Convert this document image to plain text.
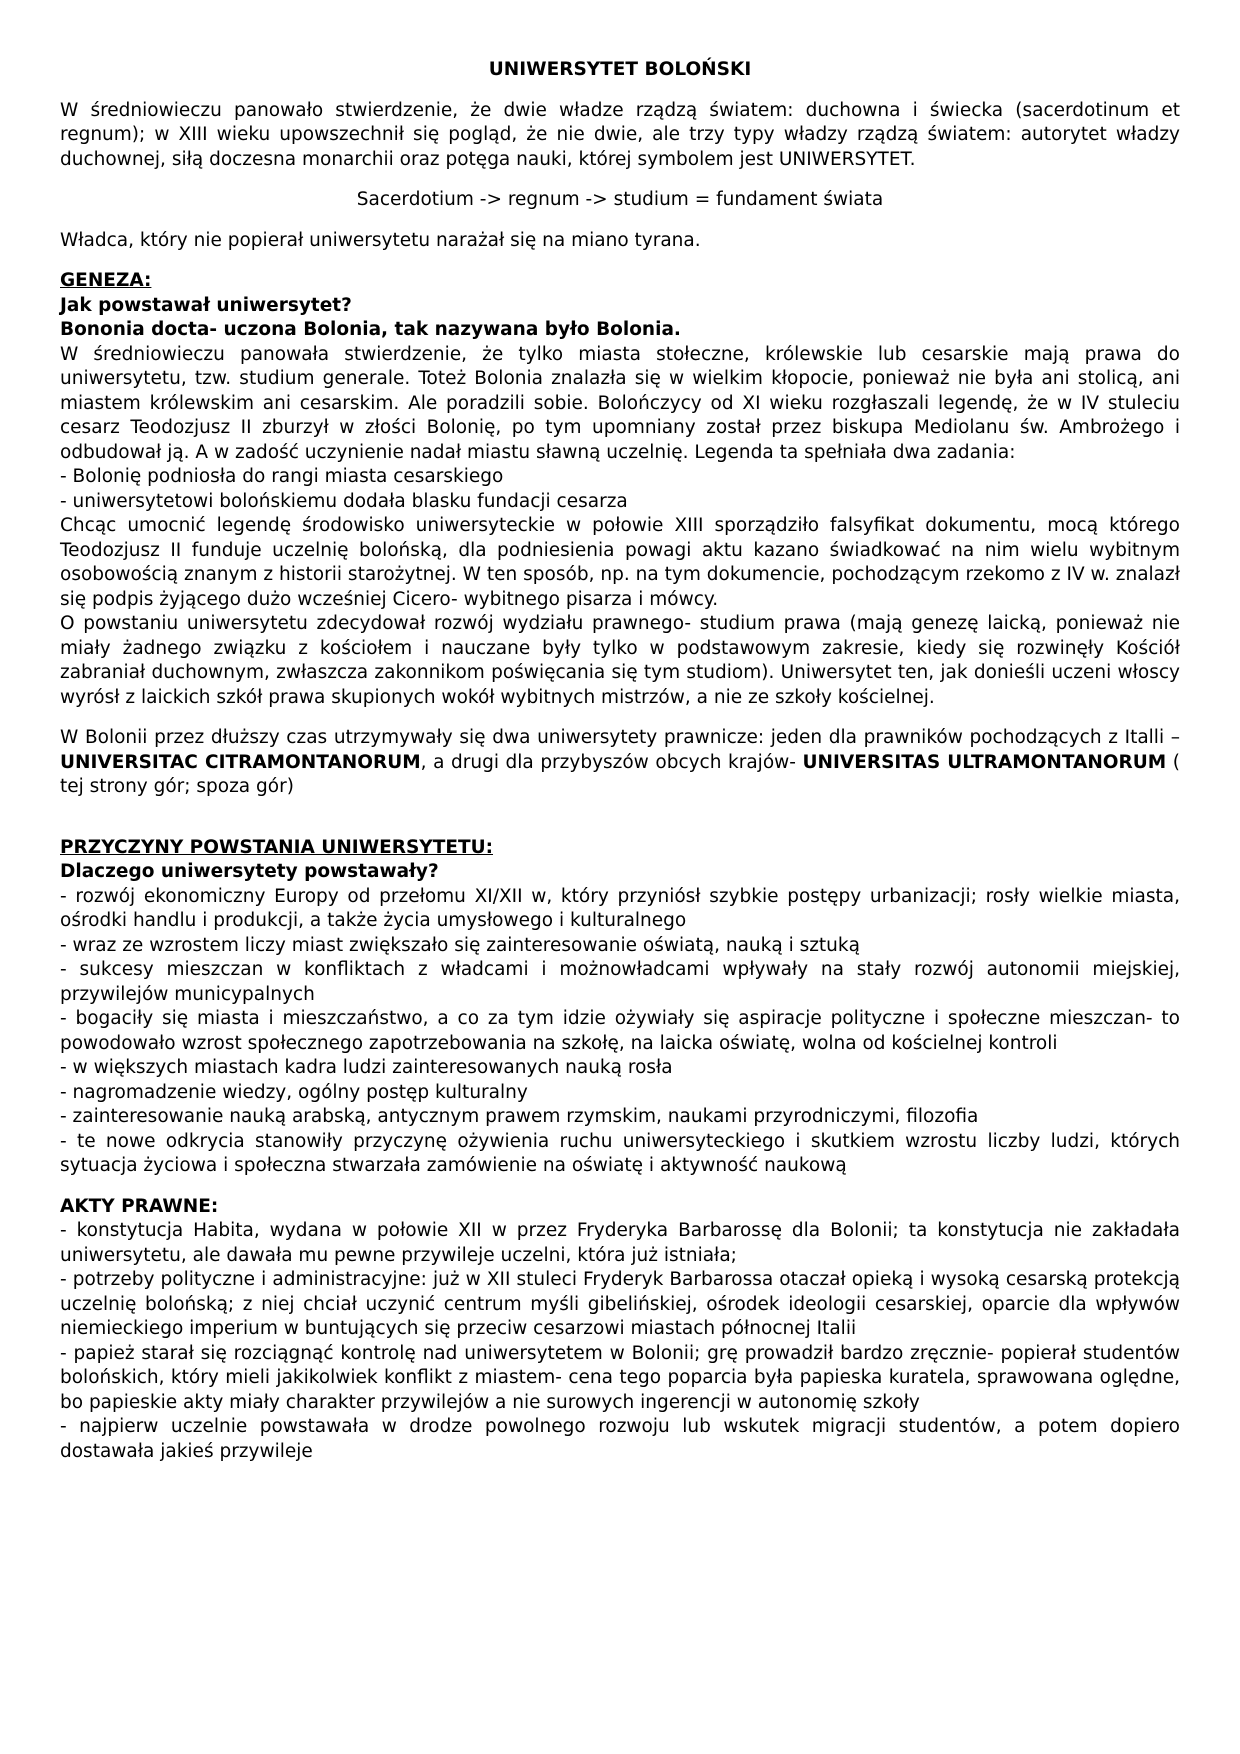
UNIWERSYTET BOLOŃSKI

W średniowieczu panowało stwierdzenie, że dwie władze rządzą światem: duchowna i świecka (sacerdotinum et regnum); w XIII wieku upowszechnił się pogląd, że nie dwie, ale trzy typy władzy rządzą światem: autorytet władzy duchownej, siłą doczesna monarchii oraz potęga nauki, której symbolem jest UNIWERSYTET.

Sacerdotium -> regnum -> studium = fundament świata

Władca, który nie popierał uniwersytetu narażał się na miano tyrana.

GENEZA:

Jak powstawał uniwersytet?

Bononia docta- uczona Bolonia, tak nazywana było Bolonia.

W średniowieczu panowała stwierdzenie, że tylko miasta stołeczne, królewskie lub cesarskie mają prawa do uniwersytetu, tzw. studium generale. Toteż Bolonia znalazła się w wielkim kłopocie, ponieważ nie była ani stolicą, ani miastem królewskim ani cesarskim. Ale poradzili sobie. Bolończycy od XI wieku rozgłaszali legendę, że w IV stuleciu cesarz Teodozjusz II zburzył w złości Bolonię, po tym upomniany został przez biskupa Mediolanu św. Ambrożego i odbudował ją. A w zadość uczynienie nadał miastu sławną uczelnię. Legenda ta spełniała dwa zadania:

- Bolonię podniosła do rangi miasta cesarskiego

- uniwersytetowi bolońskiemu dodała blasku fundacji cesarza

Chcąc umocnić legendę środowisko uniwersyteckie w połowie XIII sporządziło falsyfikat dokumentu, mocą którego Teodozjusz II funduje uczelnię bolońską, dla podniesienia powagi aktu kazano świadkować na nim wielu wybitnym osobowością znanym z historii starożytnej. W ten sposób, np. na tym dokumencie, pochodzącym rzekomo z IV w. znalazł się podpis żyjącego dużo wcześniej Cicero- wybitnego pisarza i mówcy.

O powstaniu uniwersytetu zdecydował rozwój wydziału prawnego- studium prawa (mają genezę laicką, ponieważ nie miały żadnego związku z kościołem i nauczane były tylko w podstawowym zakresie, kiedy się rozwinęły Kościół zabraniał duchownym, zwłaszcza zakonnikom poświęcania się tym studiom). Uniwersytet ten, jak donieśli uczeni włoscy wyrósł z laickich szkół prawa skupionych wokół wybitnych mistrzów, a nie ze szkoły kościelnej.

W Bolonii przez dłuższy czas utrzymywały się dwa uniwersytety prawnicze: jeden dla prawników pochodzących z Italli – UNIVERSITAC CITRAMONTANORUM, a drugi dla przybyszów obcych krajów- UNIVERSITAS ULTRAMONTANORUM ( tej strony gór; spoza gór)

PRZYCZYNY POWSTANIA UNIWERSYTETU:

Dlaczego uniwersytety powstawały?

- rozwój ekonomiczny Europy od przełomu XI/XII w, który przyniósł szybkie postępy urbanizacji; rosły wielkie miasta, ośrodki handlu i produkcji, a także życia umysłowego i kulturalnego

- wraz ze wzrostem liczy miast zwiększało się zainteresowanie oświatą, nauką i sztuką

- sukcesy mieszczan w konfliktach z władcami i możnowładcami wpływały na stały rozwój autonomii miejskiej, przywilejów municypalnych

- bogaciły się miasta i mieszczaństwo, a co za tym idzie ożywiały się aspiracje polityczne i społeczne mieszczan- to powodowało wzrost społecznego zapotrzebowania na szkołę, na laicka oświatę, wolna od kościelnej kontroli

- w większych miastach kadra ludzi zainteresowanych nauką rosła

- nagromadzenie wiedzy, ogólny postęp kulturalny

- zainteresowanie nauką arabską, antycznym prawem rzymskim, naukami przyrodniczymi, filozofia

- te nowe odkrycia stanowiły przyczynę ożywienia ruchu uniwersyteckiego i skutkiem wzrostu liczby ludzi, których sytuacja życiowa i społeczna stwarzała zamówienie na oświatę i aktywność naukową

AKTY PRAWNE:

- konstytucja Habita, wydana w połowie XII w przez Fryderyka Barbarossę dla Bolonii; ta konstytucja nie zakładała uniwersytetu, ale dawała mu pewne przywileje uczelni, która już istniała;

- potrzeby polityczne i administracyjne: już w XII stuleci Fryderyk Barbarossa otaczał opieką i wysoką cesarską protekcją uczelnię bolońską; z niej chciał uczynić centrum myśli gibelińskiej, ośrodek ideologii cesarskiej, oparcie dla wpływów niemieckiego imperium w buntujących się przeciw cesarzowi miastach północnej Italii

- papież starał się rozciągnąć kontrolę nad uniwersytetem w Bolonii; grę prowadził bardzo zręcznie- popierał studentów bolońskich, który mieli jakikolwiek konflikt z miastem- cena tego poparcia była papieska kuratela, sprawowana oględne, bo papieskie akty miały charakter przywilejów a nie surowych ingerencji w autonomię szkoły

- najpierw uczelnie powstawała w drodze powolnego rozwoju lub wskutek migracji studentów, a potem dopiero dostawała jakieś przywileje
